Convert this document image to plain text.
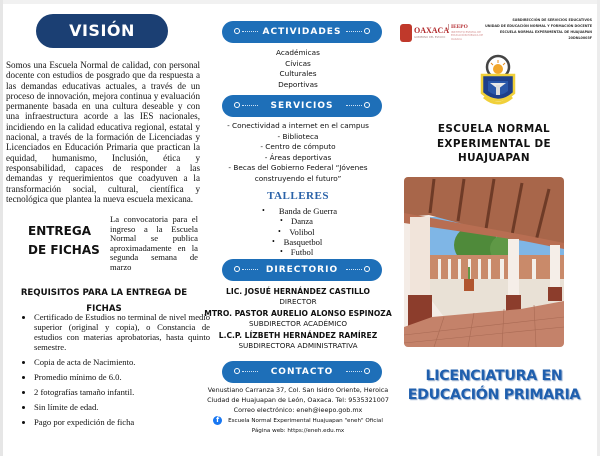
VISIÓN
Somos una Escuela Normal de calidad, con personal docente con estudios de posgrado que da respuesta a las demandas educativas actuales, a través de un proceso de innovación, mejora continua y evaluación permanente basada en una cultura deseable y con una infraestructura acorde a las IES nacionales, incidiendo en la calidad educativa regional, estatal y nacional, a través de la formación de Licenciadas y Licenciados en Educación Primaria que practican la equidad, humanismo, Inclusión, ética y responsabilidad, capaces de responder a las demandas y requerimientos que coadyuven a la transformación social, cultural, científica y tecnológica que plantea la nueva escuela mexicana.
ENTREGA
DE FICHAS
La convocatoria para el ingreso a la Escuela Normal se publica aproximadamente en la segunda semana de marzo
REQUISITOS PARA LA ENTREGA DE FICHAS
• Certificado de Estudios no terminal de nivel medio superior (original y copia), o Constancia de estudios con materias aprobatorias, hasta quinto semestre.
• Copia de acta de Nacimiento.
• Promedio mínimo de 6.0.
• 2 fotografías tamaño infantil.
• Sin límite de edad.
• Pago por expedición de ficha
ACTIVIDADES
Académicas
Cívicas
Culturales
Deportivas
SERVICIOS
- Conectividad a internet en el campus
- Biblioteca
- Centro de cómputo
- Áreas deportivas
- Becas del Gobierno Federal “Jóvenes construyendo el futuro”
TALLERES
• Banda de Guerra
• Danza
• Volibol
• Basquetbol
• Futbol
DIRECTORIO
LIC. JOSUÉ HERNÁNDEZ CASTILLO
DIRECTOR
MTRO. PASTOR AURELIO ALONSO ESPINOZA
SUBDIRECTOR ACADÉMICO
L.C.P. LÍZBETH HERNÁNDEZ RAMÍREZ
SUBDIRECTORA ADMINISTRATIVA
CONTACTO
Venustiano Carranza 37, Col. San Isidro Oriente, Heroica
Ciudad de Huajuapan de León, Oaxaca. Tel: 9535321007
Correo electrónico: eneh@ieepo.gob.mx
f Escuela Normal Experimental Huajuapan "eneh" Oficial
Página web: https://eneh.edu.mx
OAXACA
GOBIERNO DEL ESTADO
IEEPO
INSTITUTO ESTATAL DE EDUCACIÓN PÚBLICA DE OAXACA
SUBDIRECCIÓN DE SERVICIOS EDUCATIVOS
UNIDAD DE EDUCACIÓN NORMAL Y FORMACIÓN DOCENTE
ESCUELA NORMAL EXPERIMENTAL DE HUAJUAPAN
20DNL0003F
ESCUELA NORMAL
EXPERIMENTAL DE
HUAJUAPAN
LICENCIATURA EN
EDUCACIÓN PRIMARIA
